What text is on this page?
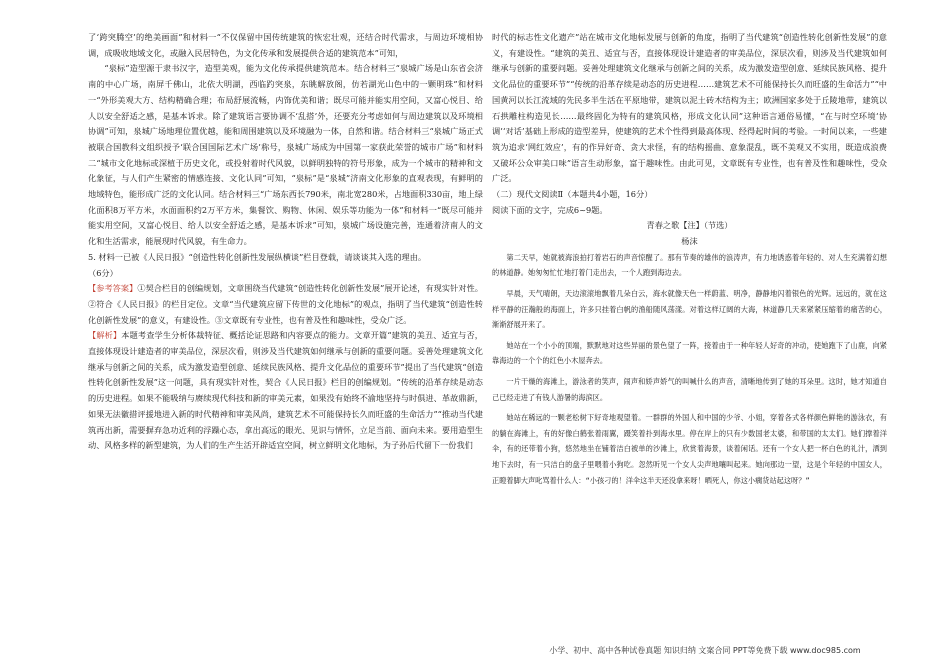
了‘跨突腾空’的绝美画面”和材料一“不仅保留中国传统建筑的恢宏壮观，还结合时代需求，与周边环境相协调，成吸收地域文化，或融入民居特色，为文化传承和发展提供合适的建筑范本”可知，

“泉标”造型源于隶书汉字，造型美观，能为文化传承提供建筑范本。结合材料三“泉城广场是山东省会济南的中心广场，南屏千佛山，北依大明湖，西临趵突泉，东眺解放阁，仿若湖光山色中的一颗明珠”和材料一“外形美观大方、结构精确合理；布局舒展流畅，内饰优美和谐；既尽可能并能实用空间，又富心悦目、给人以安全舒适之感，是基本诉求。除了建筑语言要协调不‘乱搭’外，还要充分考虑如何与周边建筑以及环境相协调”可知，泉城广场地理位置优越，能和周围建筑以及环境融为一体，自然和谐。结合材料三“泉城广场正式被联合国教科文组织授予‘联合国国际艺术广场’称号，泉城广场成为中国第一家获此荣誉的城市广场”和材料二“城市文化地标或深植于历史文化，或投射着时代风貌，以鲜明独特的符号形象，成为一个城市的精神和文化象征，与人们产生紧密的情感连接、文化认同”可知，“泉标”是“泉城”济南文化形象的直观表现，有鲜明的地域特色，能形成广泛的文化认同。结合材料三“广场东西长790米，南北宽280米，占地面积330亩，地上绿化面积8万平方米，水面面积约2万平方米，集餐饮、购物、休闲、娱乐等功能为一体”和材料一“既尽可能并能实用空间，又富心悦目、给人以安全舒适之感，是基本诉求”可知，泉城广场设施完善，连通着济南人的文化和生活需求，能展现时代风貌，有生命力。

5. 材料一已被《人民日报》“创造性转化创新性发展纵横谈”栏目登载，请谈谈其入选的理由。

（6分）

【参考答案】①契合栏目的创编规划，文章围绕当代建筑“创造性转化创新性发展”展开论述，有现实针对性。②符合《人民日报》的栏目定位。文章“当代建筑应留下传世的文化地标”的观点，指明了当代建筑“创造性转化创新性发展”的意义，有建设性。③文章既有专业性，也有普及性和趣味性，受众广泛。

【解析】本题考查学生分析体裁特征、概括论证思路和内容要点的能力。文章开篇“建筑的美丑、适宜与否，直接体现设计建造者的审美品位，深层次看，则涉及当代建筑如何继承与创新的重要问题。妥善处理建筑文化继承与创新之间的关系，成为激发造型创意、延续民族风格、提升文化品位的重要环节”提出了当代建筑“创造性转化创新性发展”这一问题，具有现实针对性，契合《人民日报》栏目的创编规划。“传统的沿革存续是动态的历史进程。如果不能吸纳与赓续现代科技和新的审美元素，如果没有始终不渝地坚持与时俱进、革故鼎新，如果无法徽措评援地进入新的时代精神和审美风尚，建筑艺术不可能保持长久而旺盛的生命活力”“推动当代建筑再出新，需要摒弃急功近利的浮躁心态，拿出高远的眼光、见识与情怀，立足当前、面向未来。要用造型生动、风格多样的新型建筑，为人们的生产生活开辟适宜空间，树立鲜明文化地标，为子孙后代留下一份我们

时代的标志性文化遗产”站在城市文化地标发展与创新的角度，指明了当代建筑“创造性转化创新性发展”的意义，有建设性。“建筑的美丑、适宜与否，直接体现设计建造者的审美品位，深层次看，则涉及当代建筑如何继承与创新的重要问题。妥善处理建筑文化继承与创新之间的关系，成为激发造型创意、延续民族风格、提升文化品位的重要环节”“传统的沿革存续是动态的历史进程……建筑艺术不可能保持长久而旺盛的生命活力”“中国黄河以长江流域的先民多半生活在平原地带，建筑以泥土砖木结构为主；欧洲国家多处于丘陵地带，建筑以石拱雕柱构造见长……最终固化为特有的建筑风格，形成文化认同”这种语言通俗易懂，“在与时空环境‘协调’‘对话’基础上形成的造型差异，使建筑的艺术个性得到最高体现、经得起时间的考验。一时间以来，一些建筑为追求‘网红效应’，有的作异好奇、贪大求怪，有的结构摇曲、意象混乱，既不美观又不实用，既造成浪费又破坏公众审美口味”语言生动形象，富于趣味性。由此可见，文章既有专业性，也有普及性和趣味性，受众广泛。

（二）现代文阅读Ⅱ（本题共4小题，16分）

阅读下面的文字，完成6~9题。

青春之歌【注】（节选）

杨沫

第二天早，她就被海浪拍打着岩石的声音惊醒了。那有节奏的雄伟的浪涛声，有力地诱惑着年轻的、对人生充满着幻想的林道静。她匆匆忙忙地打着门走出去，一个人跑到海边去。

早晨，天气晴朗，天边滚滚地飘着几朵白云，海水就像天色一样蔚蓝、明净，静静地闪着银色的光辉。远远的，就在这样平静的汪瀚般的海面上，许多只挂着白帆的渔船随风荡漾。对着这样辽阔的大海，林道静几天来紧紧压缩着的痛苦的心，渐渐舒展开来了。

她站在一个小小的顶端，默默地对这些异丽的景色望了一阵，接着由于一种年轻人好奇的冲动，使她跑下了山鹿，向紧靠海边的一个个的红色小木屋奔去。

一片干燥的海滩上，游泳者的笑声，闹声和娇声娇气的叫喊什么的声音，清晰地传到了她的耳朵里。这时，她才知道自己已经走进了有钱人游暑的海滨区。

她站在稀远的一颗老松树下好奇地观望着。一群群的外国人和中国的少爷、小姐，穿着各式各样颜色鲜艳的游泳衣，有的躺在海滩上，有的好像白鹤张着雨翼，蹑笑着扑到海水里。停在岸上的只有少数国老太婆，和带国的太太们。她们撑着洋伞，有的还带着小狗，悠然地坐在铺着洁白被单的沙滩上，欣赏着海景，谈着闲话。还有一个女人把一杯白色的礼汁，洒到地下去时，有一只洁白的盘子里喂着小狗吃。忽然听见一个女人尖声地嚷叫起来。她向那边一望，这是个年轻的中国女人，正瞪着脚大声叱骂着什么人：“小孩刁的！洋伞这半天还没拿来呀！晒死人，你这小瘸货站起这呀？”

小学、初中、高中各种试卷真题 知识归纳 文案合同 PPT等免费下载 www.doc985.com
